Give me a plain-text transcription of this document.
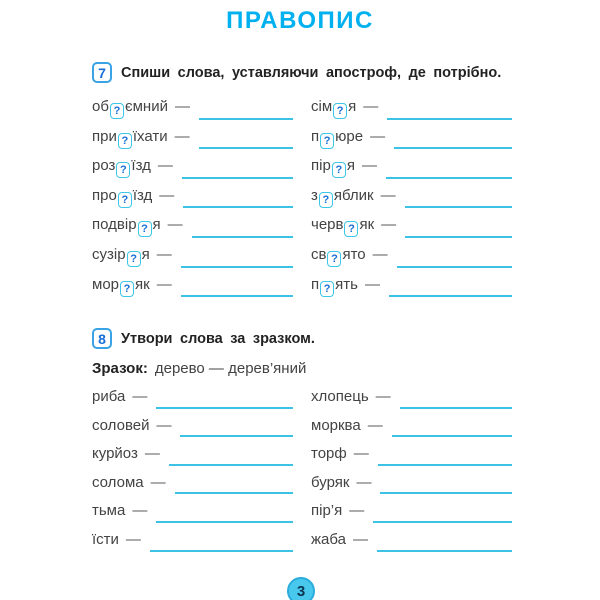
ПРАВОПИС
7	Спиши слова, уставляючи апостроф, де потрібно.
об ? ємний —
при ? їхати —
роз ? їзд —
про ? їзд —
подвір ? я —
сузір ? я —
мор ? як —
сім ? я —
п ? юре —
пір ? я —
з ? яблик —
черв ? як —
св ? ято —
п ? ять —
8	Утвори слова за зразком.
Зразок: дерево — дерев’яний
риба —
соловей —
курйоз —
солома —
тьма —
їсти —
хлопець —
морква —
торф —
буряк —
пір’я —
жаба —
3
